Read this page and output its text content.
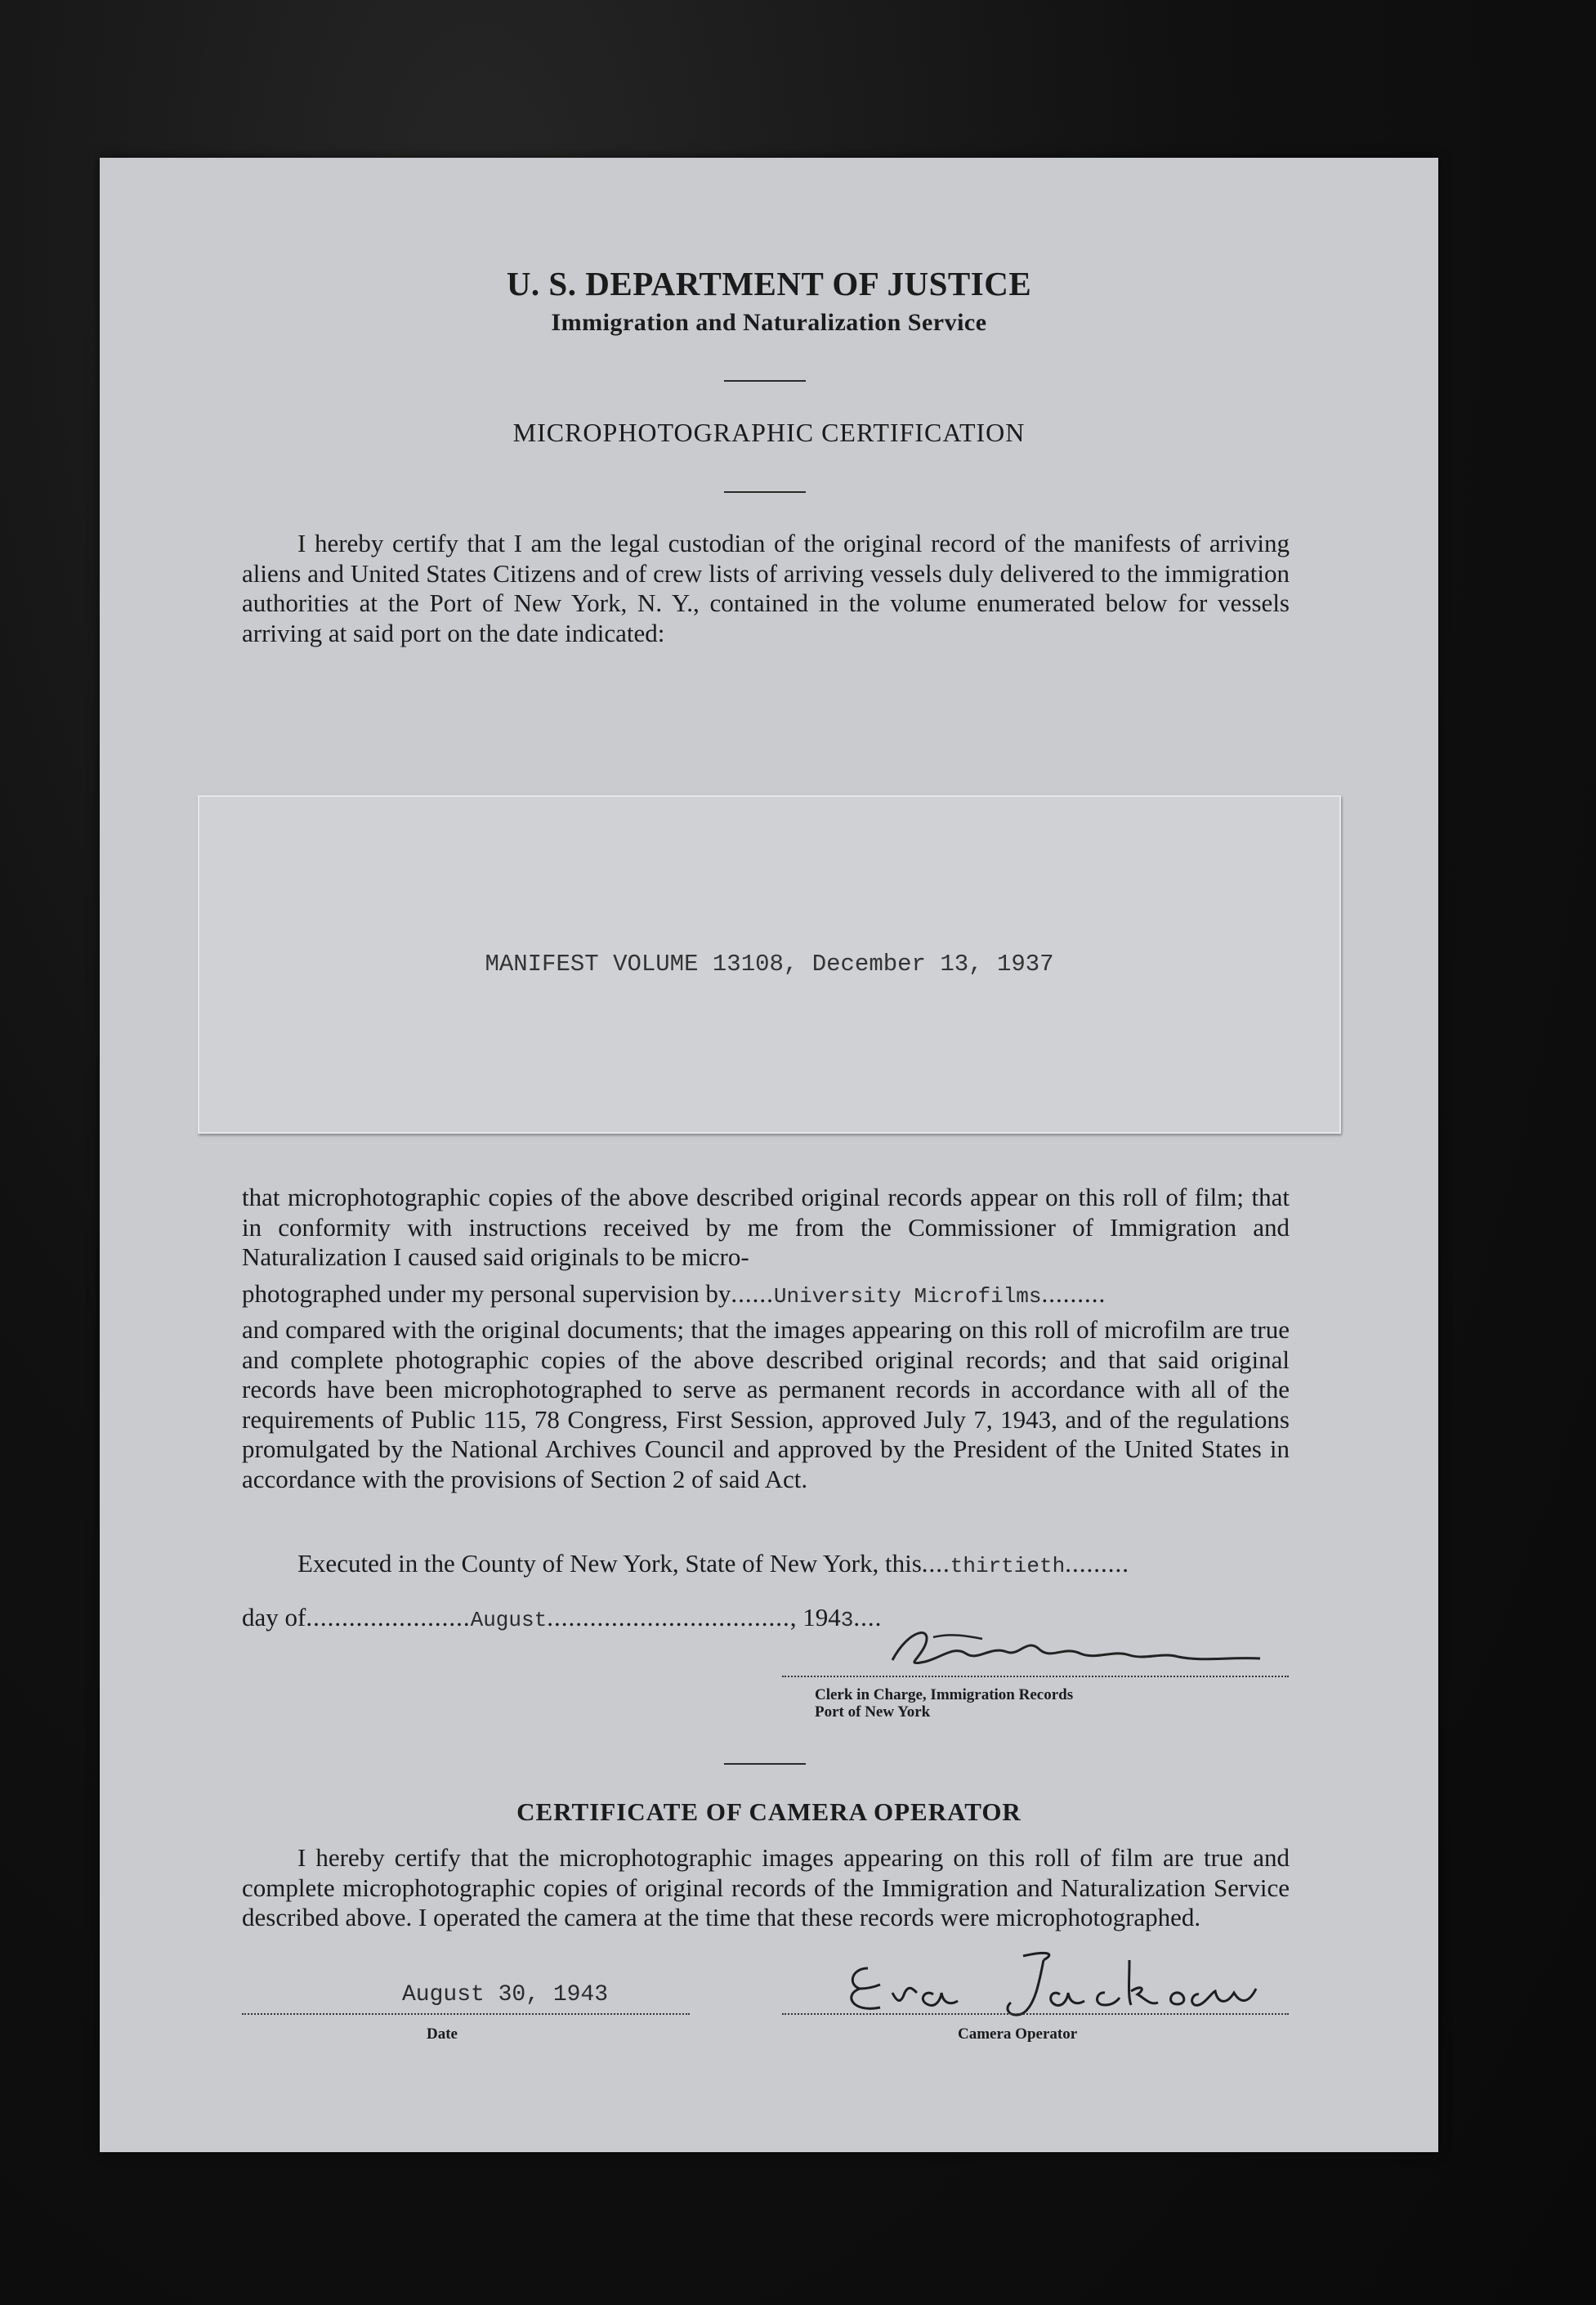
U. S. DEPARTMENT OF JUSTICE
Immigration and Naturalization Service
MICROPHOTOGRAPHIC CERTIFICATION
I hereby certify that I am the legal custodian of the original record of the manifests of arriving aliens and United States Citizens and of crew lists of arriving vessels duly delivered to the immigration authorities at the Port of New York, N. Y., contained in the volume enumerated below for vessels arriving at said port on the date indicated:
MANIFEST VOLUME 13108, December 13, 1937
that microphotographic copies of the above described original records appear on this roll of film; that in conformity with instructions received by me from the Commissioner of Immigration and Naturalization I caused said originals to be micro-
photographed under my personal supervision by......University Microfilms.........
and compared with the original documents; that the images appearing on this roll of microfilm are true and complete photographic copies of the above described original records; and that said original records have been microphotographed to serve as permanent records in accordance with all of the requirements of Public 115, 78 Congress, First Session, approved July 7, 1943, and of the regulations promulgated by the National Archives Council and approved by the President of the United States in accordance with the provisions of Section 2 of said Act.
Executed in the County of New York, State of New York, this....thirtieth.........
day of.......................August.................................., 1943....
Clerk in Charge, Immigration Records
Port of New York
CERTIFICATE OF CAMERA OPERATOR
I hereby certify that the microphotographic images appearing on this roll of film are true and complete microphotographic copies of original records of the Immigration and Naturalization Service described above. I operated the camera at the time that these records were microphotographed.
August 30, 1943
Date	Camera Operator
